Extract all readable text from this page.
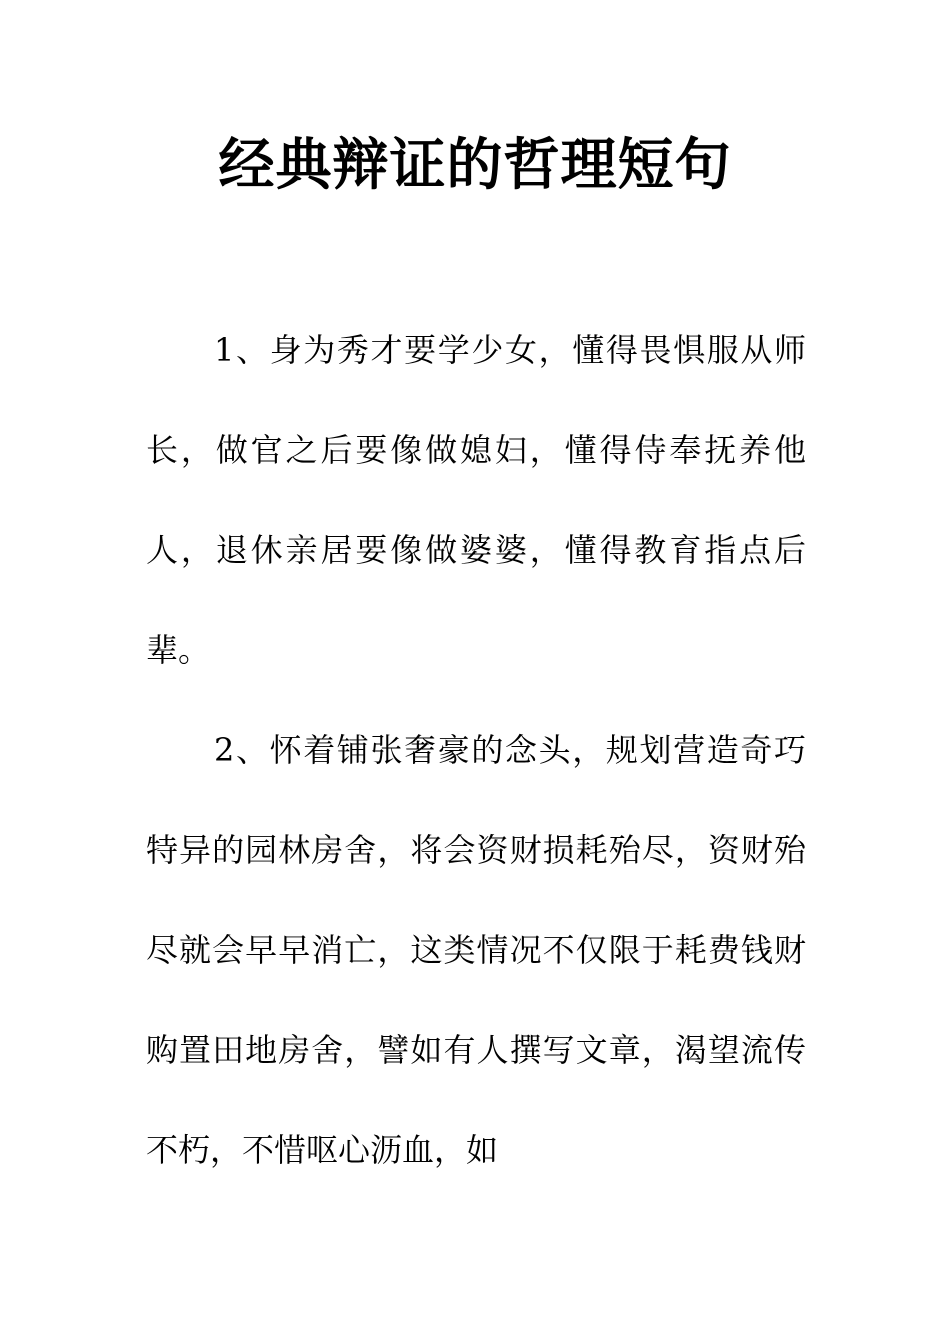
经典辩证的哲理短句

1、身为秀才要学少女，懂得畏惧服从师长，做官之后要像做媳妇，懂得侍奉抚养他人，退休亲居要像做婆婆，懂得教育指点后辈。

2、怀着铺张奢豪的念头，规划营造奇巧特异的园林房舍，将会资财损耗殆尽，资财殆尽就会早早消亡，这类情况不仅限于耗费钱财购置田地房舍，譬如有人撰写文章，渴望流传不朽，不惜呕心沥血，如
